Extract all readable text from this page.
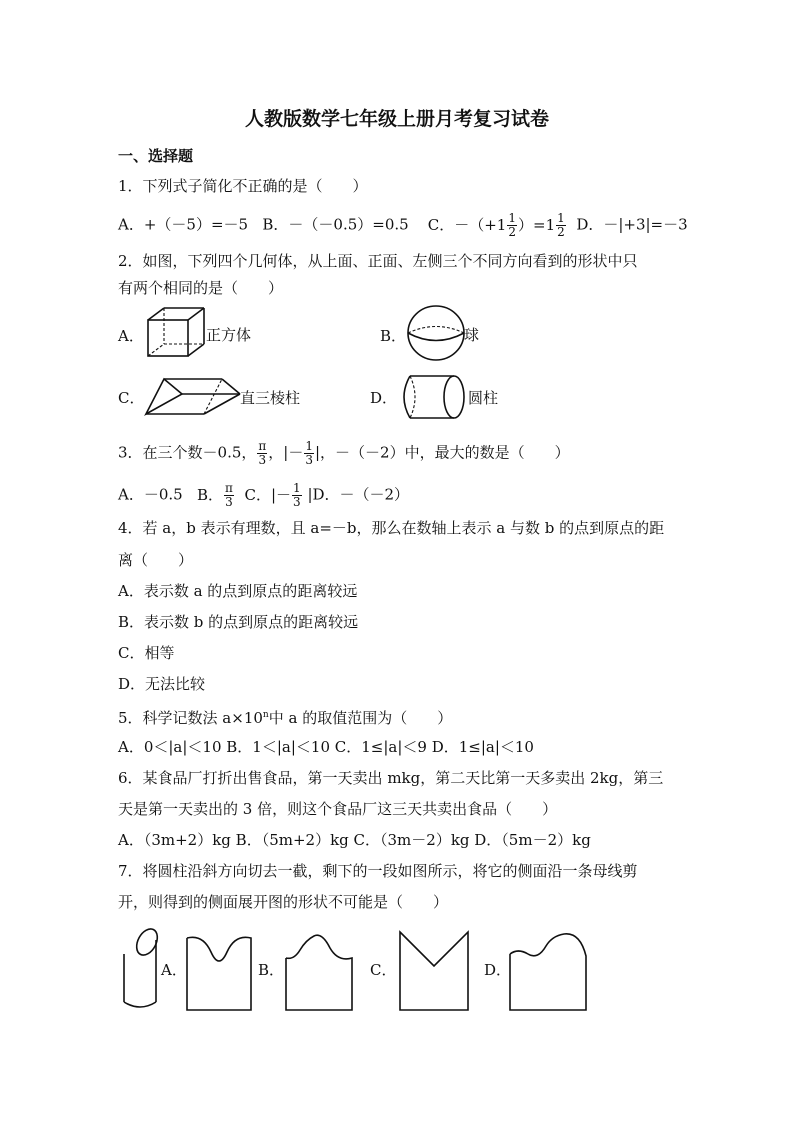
人教版数学七年级上册月考复习试卷
一、选择题
1．下列式子简化不正确的是（　　）
A．+（－5）=－5 B．－（－0.5）=0.5 C．$-(+1 \frac{1}{2} )=1 \frac{1}{2}$ D．－|+3|=－3
2．如图，下列四个几何体，从上面、正面、左侧三个不同方向看到的形状中只
有两个相同的是（　　）
A．	正方体	B．	球
C．	直三棱柱	D．	圆柱
3．在三个数－0.5， $\frac{\pi}{3}$ ，|－ $\frac{1}{3}$ |，－（－2）中，最大的数是（　　）
A．－0.5 B． $\frac{\pi}{3}$ C．|－ $\frac{1}{3} |D$．－（－2）
4．若 a，b 表示有理数，且 a=－b，那么在数轴上表示 a 与数 b 的点到原点的距
离（　　）
A．表示数 a 的点到原点的距离较远
B．表示数 b 的点到原点的距离较远
C．相等
D．无法比较
5．科学记数法 $a\times 10^n$中 a 的取值范围为（　　）
A．0＜|a|＜10 B．1＜|a|＜10 C．1≤|a|＜9 D．1≤|a|＜10
6．某食品厂打折出售食品，第一天卖出 mkg，第二天比第一天多卖出 2kg，第三
天是第一天卖出的 3 倍，则这个食品厂这三天共卖出食品（　　）
A．（3m+2）kg B．（5m+2）kg C．（3m－2）kg D．（5m－2）kg
7．将圆柱沿斜方向切去一截，剩下的一段如图所示，将它的侧面沿一条母线剪
开，则得到的侧面展开图的形状不可能是（　　）
A．	B．	C．	D．
